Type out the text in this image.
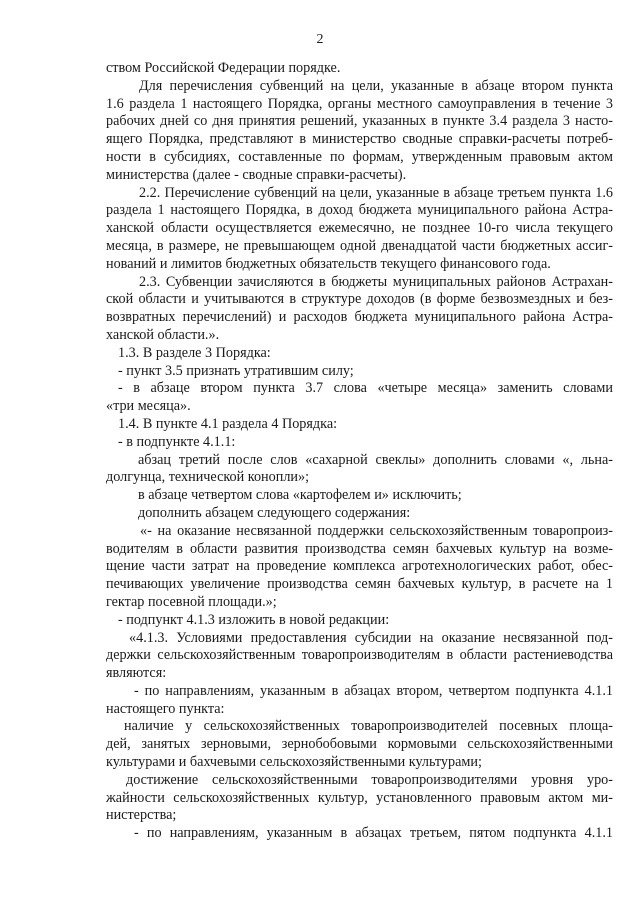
2
ством Российской Федерации порядке.
Для перечисления субвенций на цели, указанные в абзаце втором пункта
1.6 раздела 1 настоящего Порядка, органы местного самоуправления в течение 3
рабочих дней со дня принятия решений, указанных в пункте 3.4 раздела 3 насто-
ящего Порядка, представляют в министерство сводные справки-расчеты потреб-
ности в субсидиях, составленные по формам, утвержденным правовым актом
министерства (далее - сводные справки-расчеты).
2.2. Перечисление субвенций на цели, указанные в абзаце третьем пункта 1.6
раздела 1 настоящего Порядка, в доход бюджета муниципального района Астра-
ханской области осуществляется ежемесячно, не позднее 10-го числа текущего
месяца, в размере, не превышающем одной двенадцатой части бюджетных ассиг-
нований и лимитов бюджетных обязательств текущего финансового года.
2.3. Субвенции зачисляются в бюджеты муниципальных районов Астрахан-
ской области и учитываются в структуре доходов (в форме безвозмездных и без-
возвратных перечислений) и расходов бюджета муниципального района Астра-
ханской области.».
1.3. В разделе 3 Порядка:
- пункт 3.5 признать утратившим силу;
- в абзаце втором пункта 3.7 слова «четыре месяца» заменить словами
«три месяца».
1.4. В пункте 4.1 раздела 4 Порядка:
- в подпункте 4.1.1:
абзац третий после слов «сахарной свеклы» дополнить словами «, льна-
долгунца, технической конопли»;
в абзаце четвертом слова «картофелем и» исключить;
дополнить абзацем следующего содержания:
«- на оказание несвязанной поддержки сельскохозяйственным товаропроиз-
водителям в области развития производства семян бахчевых культур на возме-
щение части затрат на проведение комплекса агротехнологических работ, обес-
печивающих увеличение производства семян бахчевых культур, в расчете на 1
гектар посевной площади.»;
- подпункт 4.1.3 изложить в новой редакции:
«4.1.3. Условиями предоставления субсидии на оказание несвязанной под-
держки сельскохозяйственным товаропроизводителям в области растениеводства
являются:
- по направлениям, указанным в абзацах втором, четвертом подпункта 4.1.1
настоящего пункта:
наличие у сельскохозяйственных товаропроизводителей посевных площа-
дей, занятых зерновыми, зернобобовыми кормовыми сельскохозяйственными
культурами и бахчевыми сельскохозяйственными культурами;
достижение сельскохозяйственными товаропроизводителями уровня уро-
жайности сельскохозяйственных культур, установленного правовым актом ми-
нистерства;
- по направлениям, указанным в абзацах третьем, пятом подпункта 4.1.1
